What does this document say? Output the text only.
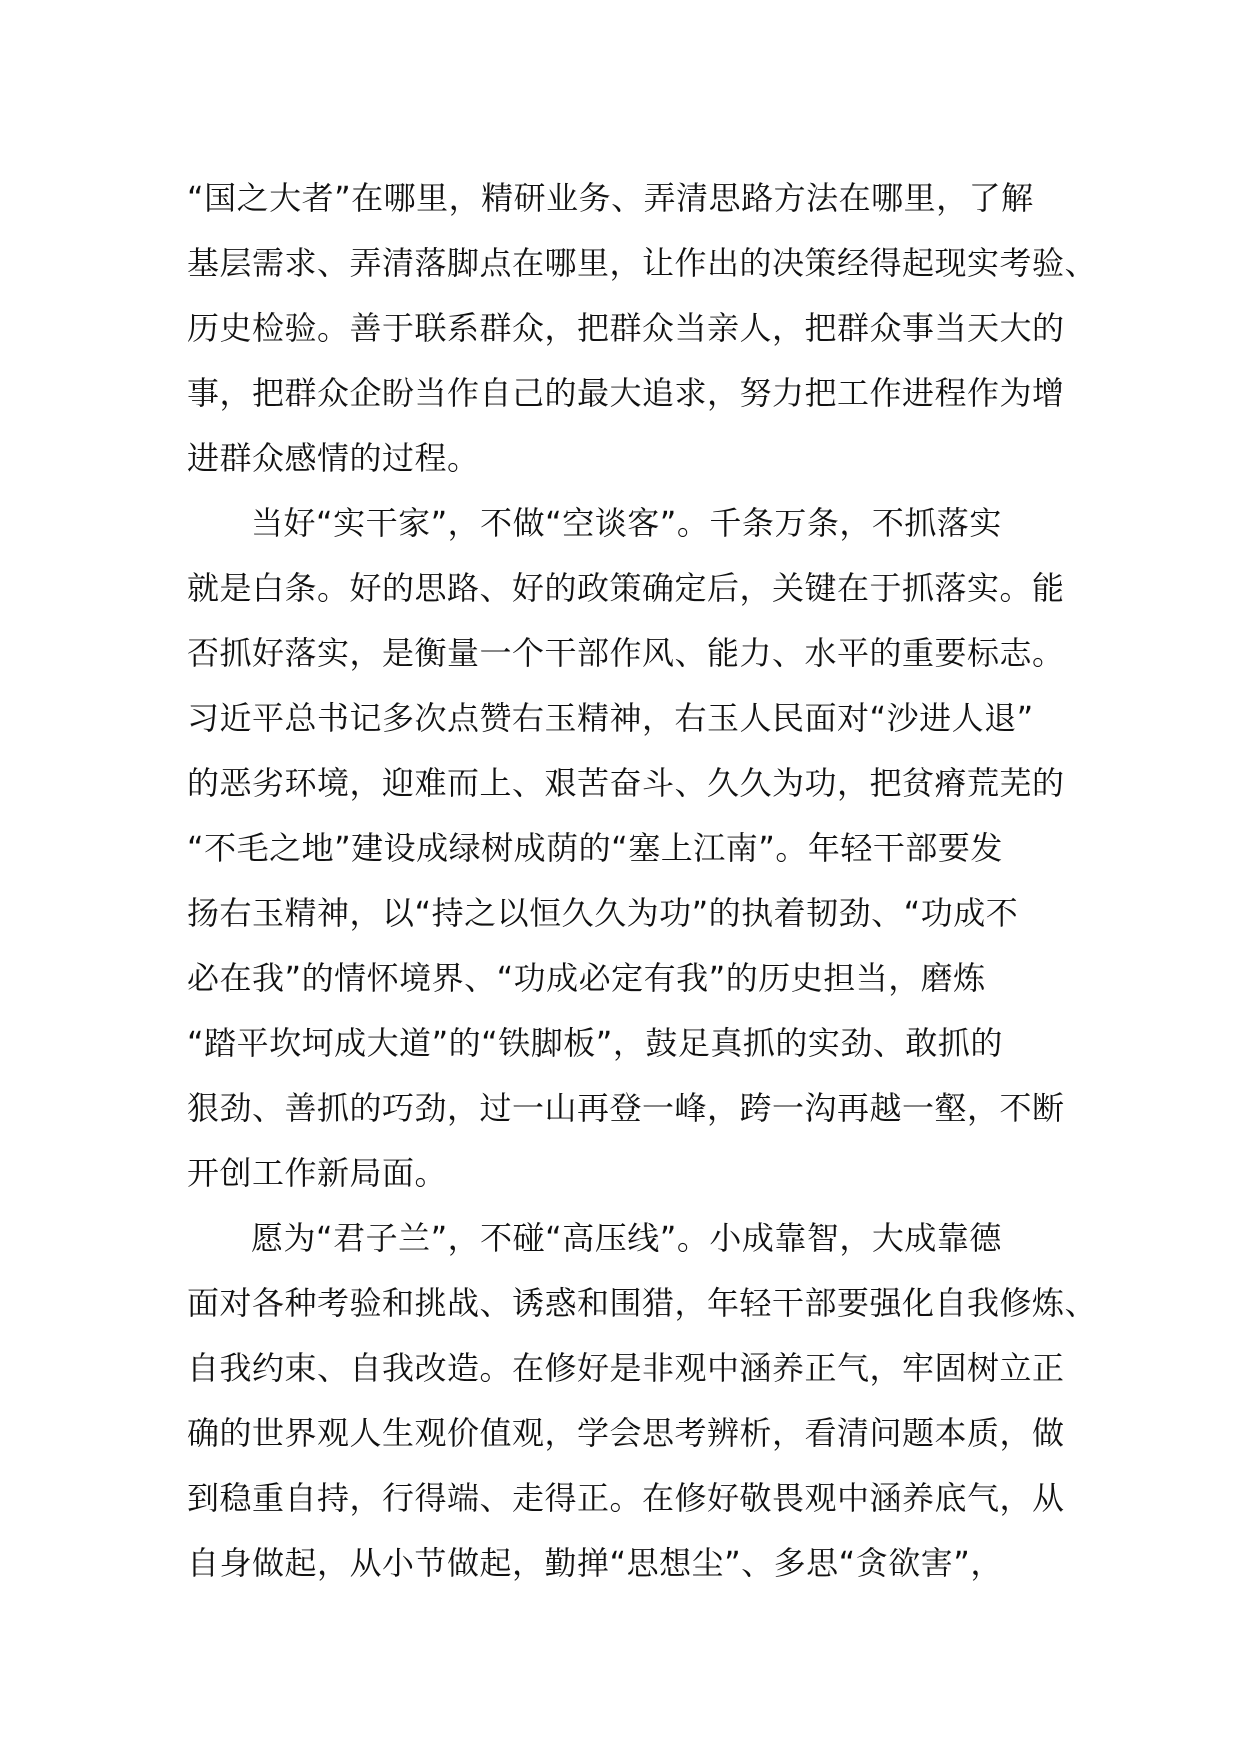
“国之大者”在哪里，精研业务、弄清思路方法在哪里，了解
基层需求、弄清落脚点在哪里，让作出的决策经得起现实考验、
历史检验。善于联系群众，把群众当亲人，把群众事当天大的
事，把群众企盼当作自己的最大追求，努力把工作进程作为增
进群众感情的过程。
当好“实干家”，不做“空谈客”。千条万条，不抓落实
就是白条。好的思路、好的政策确定后，关键在于抓落实。能
否抓好落实，是衡量一个干部作风、能力、水平的重要标志。
习近平总书记多次点赞右玉精神，右玉人民面对“沙进人退”
的恶劣环境，迎难而上、艰苦奋斗、久久为功，把贫瘠荒芜的
“不毛之地”建设成绿树成荫的“塞上江南”。年轻干部要发
扬右玉精神，以“持之以恒久久为功”的执着韧劲、“功成不
必在我”的情怀境界、“功成必定有我”的历史担当，磨炼
“踏平坎坷成大道”的“铁脚板”，鼓足真抓的实劲、敢抓的
狠劲、善抓的巧劲，过一山再登一峰，跨一沟再越一壑，不断
开创工作新局面。
愿为“君子兰”，不碰“高压线”。小成靠智，大成靠德
面对各种考验和挑战、诱惑和围猎，年轻干部要强化自我修炼、
自我约束、自我改造。在修好是非观中涵养正气，牢固树立正
确的世界观人生观价值观，学会思考辨析，看清问题本质，做
到稳重自持，行得端、走得正。在修好敬畏观中涵养底气，从
自身做起，从小节做起，勤掸“思想尘”、多思“贪欲害”，
